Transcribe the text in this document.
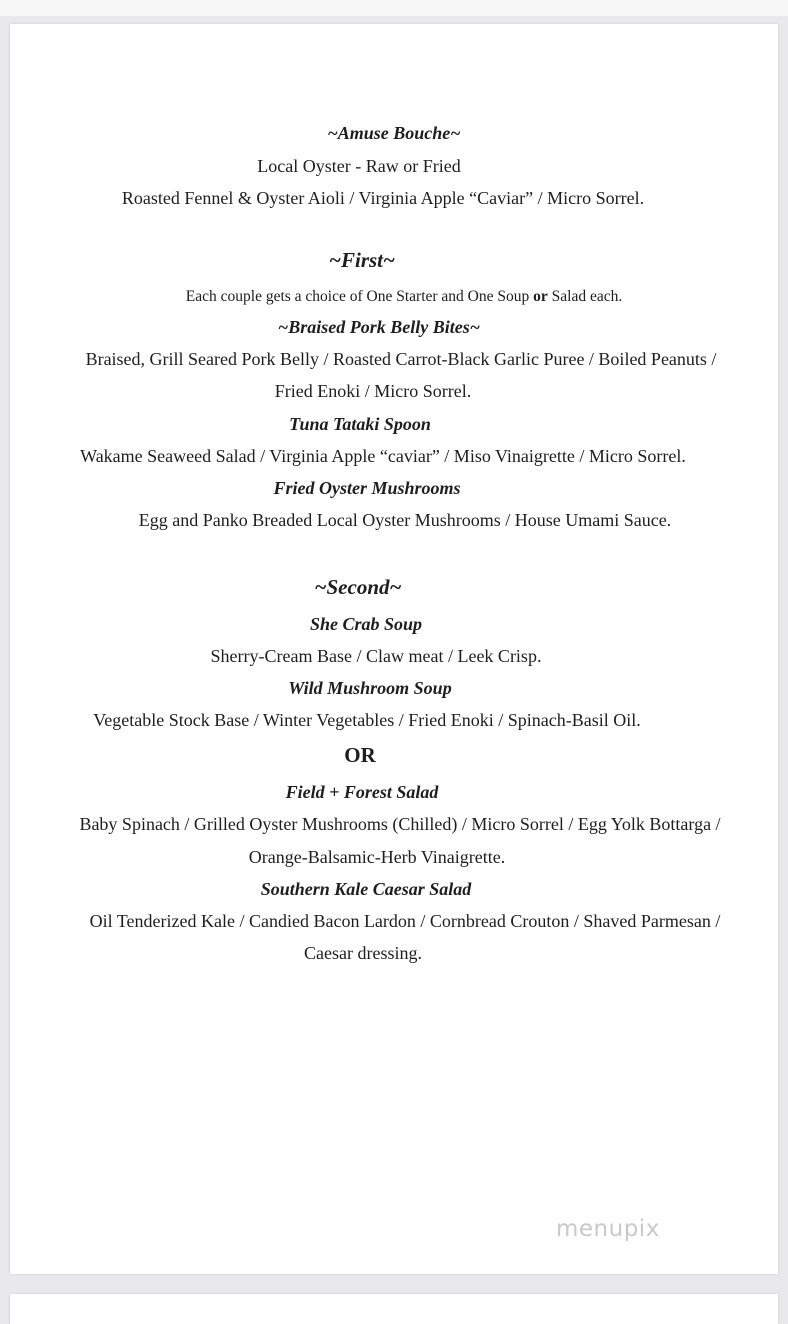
~Amuse Bouche~
Local Oyster - Raw or Fried
Roasted Fennel & Oyster Aioli / Virginia Apple “Caviar” / Micro Sorrel.
~First~
Each couple gets a choice of One Starter and One Soup or Salad each.
~Braised Pork Belly Bites~
Braised, Grill Seared Pork Belly / Roasted Carrot-Black Garlic Puree / Boiled Peanuts /
Fried Enoki / Micro Sorrel.
Tuna Tataki Spoon
Wakame Seaweed Salad / Virginia Apple “caviar” / Miso Vinaigrette / Micro Sorrel.
Fried Oyster Mushrooms
Egg and Panko Breaded Local Oyster Mushrooms / House Umami Sauce.
~Second~
She Crab Soup
Sherry-Cream Base / Claw meat / Leek Crisp.
Wild Mushroom Soup
Vegetable Stock Base / Winter Vegetables / Fried Enoki / Spinach-Basil Oil.
OR
Field + Forest Salad
Baby Spinach / Grilled Oyster Mushrooms (Chilled) / Micro Sorrel / Egg Yolk Bottarga /
Orange-Balsamic-Herb Vinaigrette.
Southern Kale Caesar Salad
Oil Tenderized Kale / Candied Bacon Lardon / Cornbread Crouton / Shaved Parmesan /
Caesar dressing.
menupix
